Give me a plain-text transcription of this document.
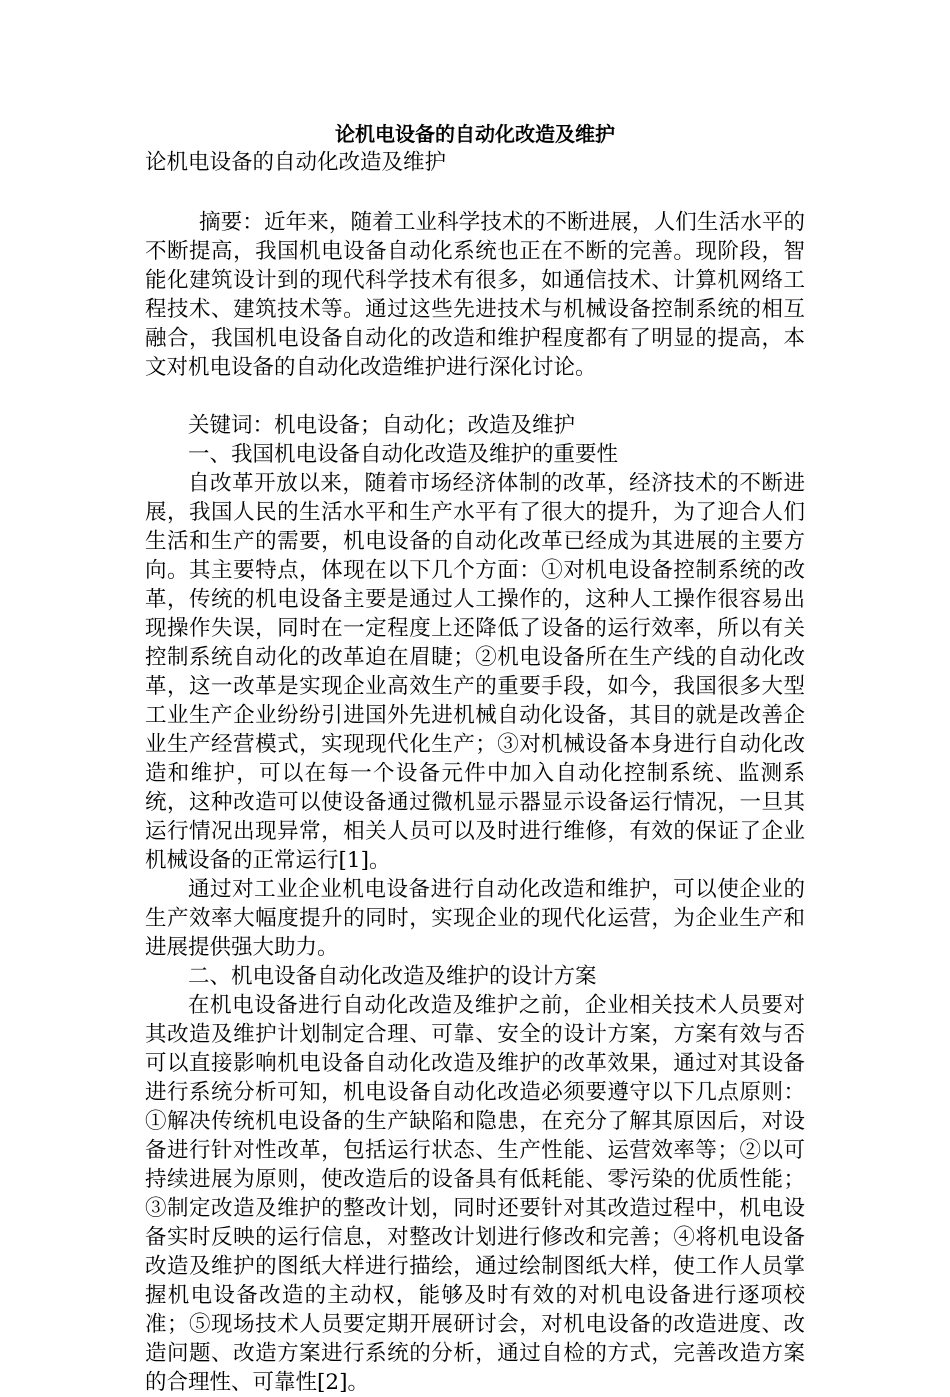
论机电设备的自动化改造及维护
论机电设备的自动化改造及维护

摘要：近年来，随着工业科学技术的不断进展，人们生活水平的不断提高，我国机电设备自动化系统也正在不断的完善。现阶段，智能化建筑设计到的现代科学技术有很多，如通信技术、计算机网络工程技术、建筑技术等。通过这些先进技术与机械设备控制系统的相互融合，我国机电设备自动化的改造和维护程度都有了明显的提高，本文对机电设备的自动化改造维护进行深化讨论。

关键词：机电设备；自动化；改造及维护

一、我国机电设备自动化改造及维护的重要性

自改革开放以来，随着市场经济体制的改革，经济技术的不断进展，我国人民的生活水平和生产水平有了很大的提升，为了迎合人们生活和生产的需要，机电设备的自动化改革已经成为其进展的主要方向。其主要特点，体现在以下几个方面：①对机电设备控制系统的改革，传统的机电设备主要是通过人工操作的，这种人工操作很容易出现操作失误，同时在一定程度上还降低了设备的运行效率，所以有关控制系统自动化的改革迫在眉睫；②机电设备所在生产线的自动化改革，这一改革是实现企业高效生产的重要手段，如今，我国很多大型工业生产企业纷纷引进国外先进机械自动化设备，其目的就是改善企业生产经营模式，实现现代化生产；③对机械设备本身进行自动化改造和维护，可以在每一个设备元件中加入自动化控制系统、监测系统，这种改造可以使设备通过微机显示器显示设备运行情况，一旦其运行情况出现异常，相关人员可以及时进行维修，有效的保证了企业机械设备的正常运行[1]。

通过对工业企业机电设备进行自动化改造和维护，可以使企业的生产效率大幅度提升的同时，实现企业的现代化运营，为企业生产和进展提供强大助力。

二、机电设备自动化改造及维护的设计方案

在机电设备进行自动化改造及维护之前，企业相关技术人员要对其改造及维护计划制定合理、可靠、安全的设计方案，方案有效与否可以直接影响机电设备自动化改造及维护的改革效果，通过对其设备进行系统分析可知，机电设备自动化改造必须要遵守以下几点原则：①解决传统机电设备的生产缺陷和隐患，在充分了解其原因后，对设备进行针对性改革，包括运行状态、生产性能、运营效率等；②以可持续进展为原则，使改造后的设备具有低耗能、零污染的优质性能；③制定改造及维护的整改计划，同时还要针对其改造过程中，机电设备实时反映的运行信息，对整改计划进行修改和完善；④将机电设备改造及维护的图纸大样进行描绘，通过绘制图纸大样，使工作人员掌握机电设备改造的主动权，能够及时有效的对机电设备进行逐项校准；⑤现场技术人员要定期开展研讨会，对机电设备的改造进度、改造问题、改造方案进行系统的分析，通过自检的方式，完善改造方案的合理性、可靠性[2]。
